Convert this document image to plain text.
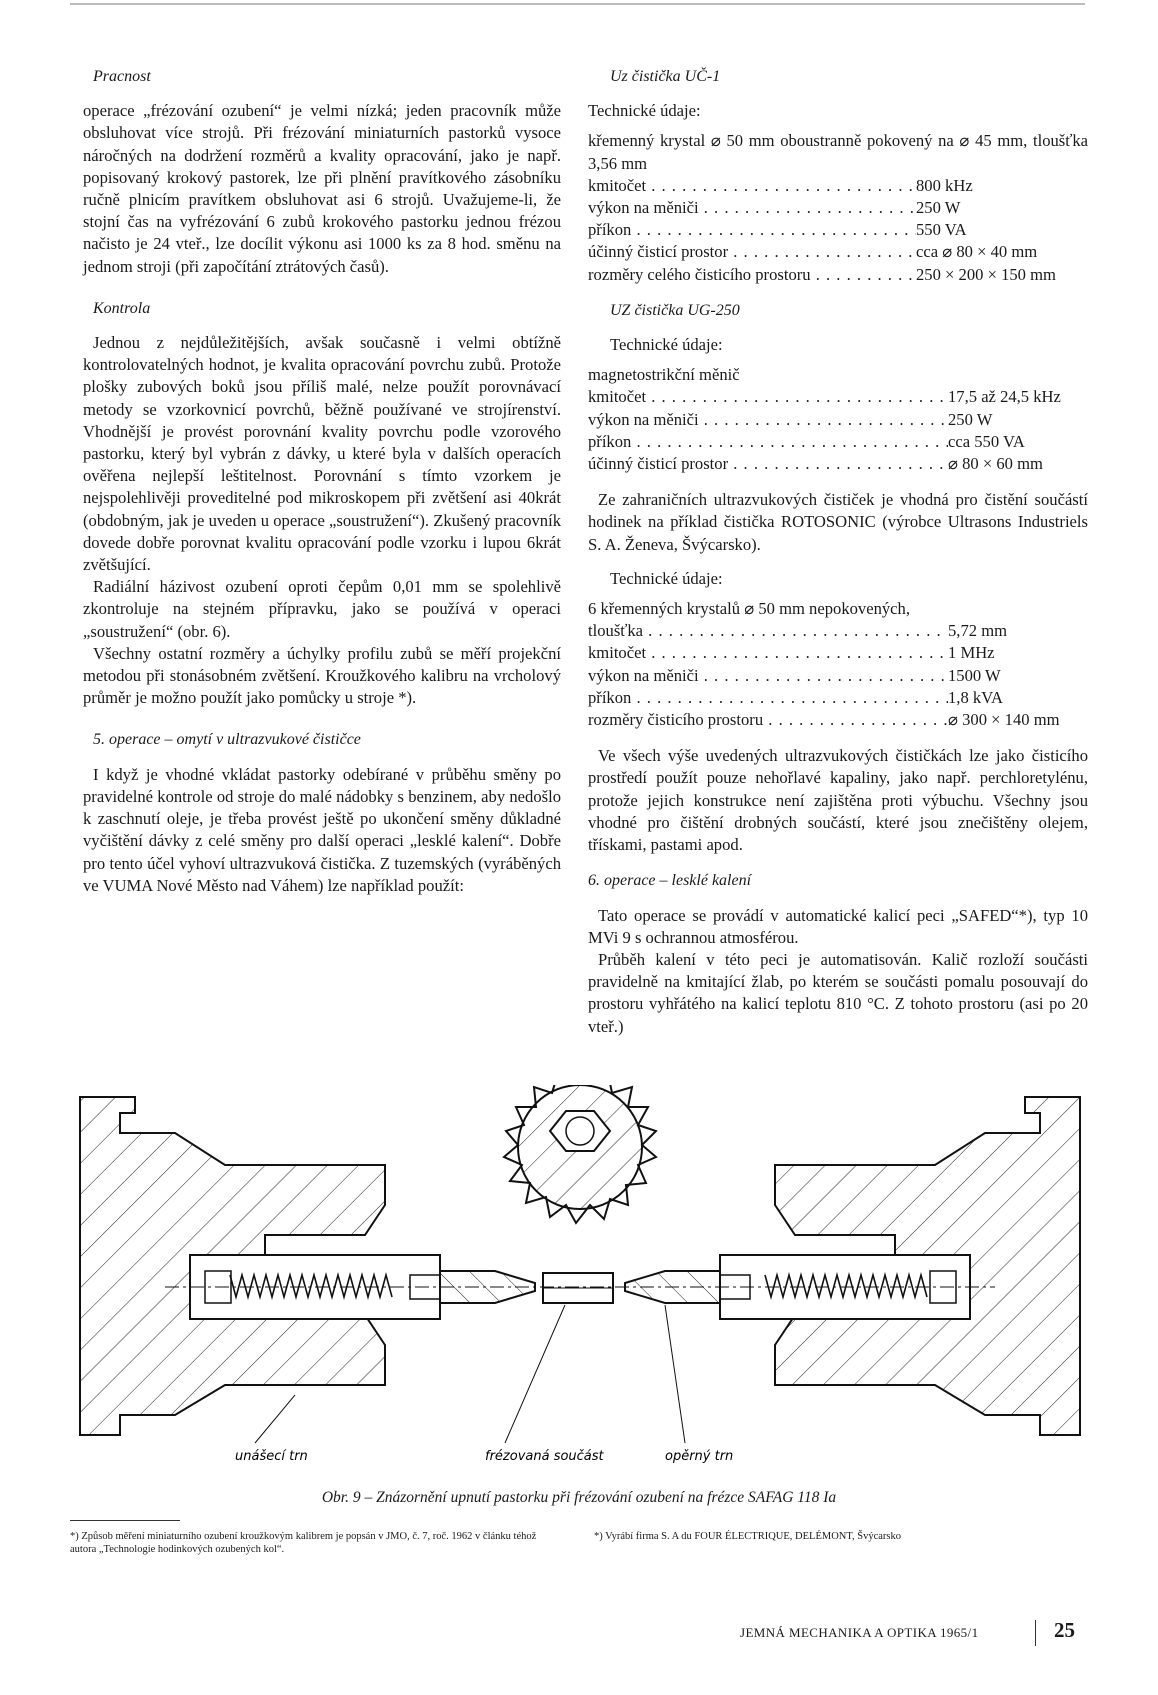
Pracnost

operace „frézování ozubení“ je velmi nízká; jeden pracovník může obsluhovat více strojů. Při frézování miniaturních pastorků vysoce náročných na dodržení rozměrů a kvality opracování, jako je např. popisovaný krokový pastorek, lze při plnění pravítkového zásobníku ručně plnicím pravítkem obsluhovat asi 6 strojů. Uvažujeme-li, že stojní čas na vyfrézování 6 zubů krokového pastorku jednou frézou načisto je 24 vteř., lze docílit výkonu asi 1000 ks za 8 hod. směnu na jednom stroji (při započítání ztrátových časů).

Kontrola

Jednou z nejdůležitějších, avšak současně i velmi obtížně kontrolovatelných hodnot, je kvalita opracování povrchu zubů. Protože plošky zubových boků jsou příliš malé, nelze použít porovnávací metody se vzorkovnicí povrchů, běžně používané ve strojírenství. Vhodnější je provést porovnání kvality povrchu podle vzorového pastorku, který byl vybrán z dávky, u které byla v dalších operacích ověřena nejlepší leštitelnost. Porovnání s tímto vzorkem je nejspolehlivěji proveditelné pod mikroskopem při zvětšení asi 40krát (obdobným, jak je uveden u operace „soustružení“). Zkušený pracovník dovede dobře porovnat kvalitu opracování podle vzorku i lupou 6krát zvětšující.

Radiální házivost ozubení oproti čepům 0,01 mm se spolehlivě zkontroluje na stejném přípravku, jako se používá v operaci „soustružení“ (obr. 6).

Všechny ostatní rozměry a úchylky profilu zubů se měří projekční metodou při stonásobném zvětšení. Kroužkového kalibru na vrcholový průměr je možno použít jako pomůcky u stroje *).

5. operace – omytí v ultrazvukové čističce

I když je vhodné vkládat pastorky odebírané v průběhu směny po pravidelné kontrole od stroje do malé nádobky s benzinem, aby nedošlo k zaschnutí oleje, je třeba provést ještě po ukončení směny důkladné vyčištění dávky z celé směny pro další operaci „lesklé kalení“. Dobře pro tento účel vyhoví ultrazvuková čistička. Z tuzemských (vyráběných ve VUMA Nové Město nad Váhem) lze například použít:

Uz čistička UČ-1
Technické údaje:

křemenný krystal ⌀ 50 mm oboustranně pokovený na ⌀ 45 mm, tloušťka 3,56 mm

kmitočet . . .	800 kHz
výkon na měniči . . .	250 W
příkon . . .	550 VA
účinný čisticí prostor . . .	cca ⌀ 80 × 40 mm
rozměry celého čisticího prostoru . . .	250 × 200 × 150 mm
UZ čistička UG-250
Technické údaje:

magnetostrikční měnič

kmitočet . . .	17,5 až 24,5 kHz
výkon na měniči . . .	250 W
příkon . . .	cca 550 VA
účinný čisticí prostor . . .	⌀ 80 × 60 mm

Ze zahraničních ultrazvukových čističek je vhodná pro čistění součástí hodinek na příklad čistička ROTOSONIC (výrobce Ultrasons Industriels S. A. Ženeva, Švýcarsko).

Technické údaje:

6 křemenných krystalů ⌀ 50 mm nepokovených,

tloušťka . . .	5,72 mm
kmitočet . . .	1 MHz
výkon na měniči . . .	1500 W
příkon . . .	1,8 kVA
rozměry čisticího prostoru . . .	⌀ 300 × 140 mm

Ve všech výše uvedených ultrazvukových čističkách lze jako čisticího prostředí použít pouze nehořlavé kapaliny, jako např. perchloretylénu, protože jejich konstrukce není zajištěna proti výbuchu. Všechny jsou vhodné pro čištění drobných součástí, které jsou znečištěny olejem, třískami, pastami apod.

6. operace – lesklé kalení

Tato operace se provádí v automatické kalicí peci „SAFED“*), typ 10 MVi 9 s ochrannou atmosférou.

Průběh kalení v této peci je automatisován. Kalič rozloží součásti pravidelně na kmitající žlab, po kterém se součásti pomalu posouvají do prostoru vyhřátého na kalicí teplotu 810 °C. Z tohoto prostoru (asi po 20 vteř.)

unášecí trn	frézovaná součást	opěrný trn
Obr. 9 – Znázornění upnutí pastorku při frézování ozubení na frézce SAFAG 118 Ia
*) Způsob měření miniaturního ozubení kroužkovým kalibrem je popsán v JMO, č. 7, roč. 1962 v článku téhož autora „Technologie hodinkových ozubených kol“.
*) Vyrábí firma S. A du FOUR ÉLECTRIQUE, DELÉMONT, Švýcarsko
JEMNÁ MECHANIKA A OPTIKA 1965/1	25
